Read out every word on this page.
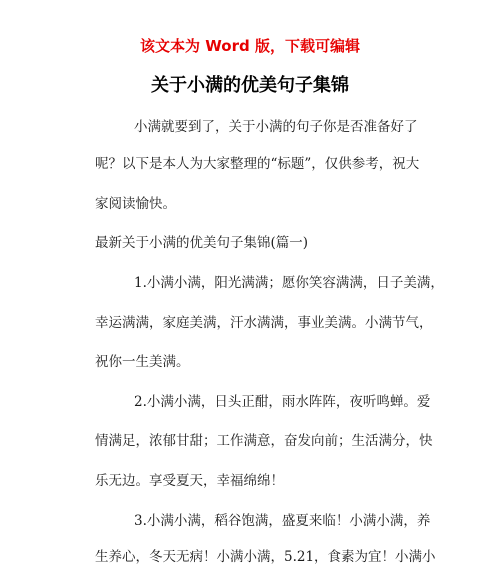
该文本为 Word 版，下载可编辑

关于小满的优美句子集锦

小满就要到了，关于小满的句子你是否准备好了

呢？以下是本人为大家整理的“标题”，仅供参考，祝大

家阅读愉快。

最新关于小满的优美句子集锦(篇一)

1.小满小满，阳光满满；愿你笑容满满，日子美满，

幸运满满，家庭美满，汗水满满，事业美满。小满节气，

祝你一生美满。

2.小满小满，日头正酣，雨水阵阵，夜听鸣蝉。爱

情满足，浓郁甘甜；工作满意，奋发向前；生活满分，快

乐无边。享受夏天，幸福绵绵！

3.小满小满，稻谷饱满，盛夏来临！小满小满，养

生养心，冬天无病！小满小满，5.21，食素为宜！小满小
